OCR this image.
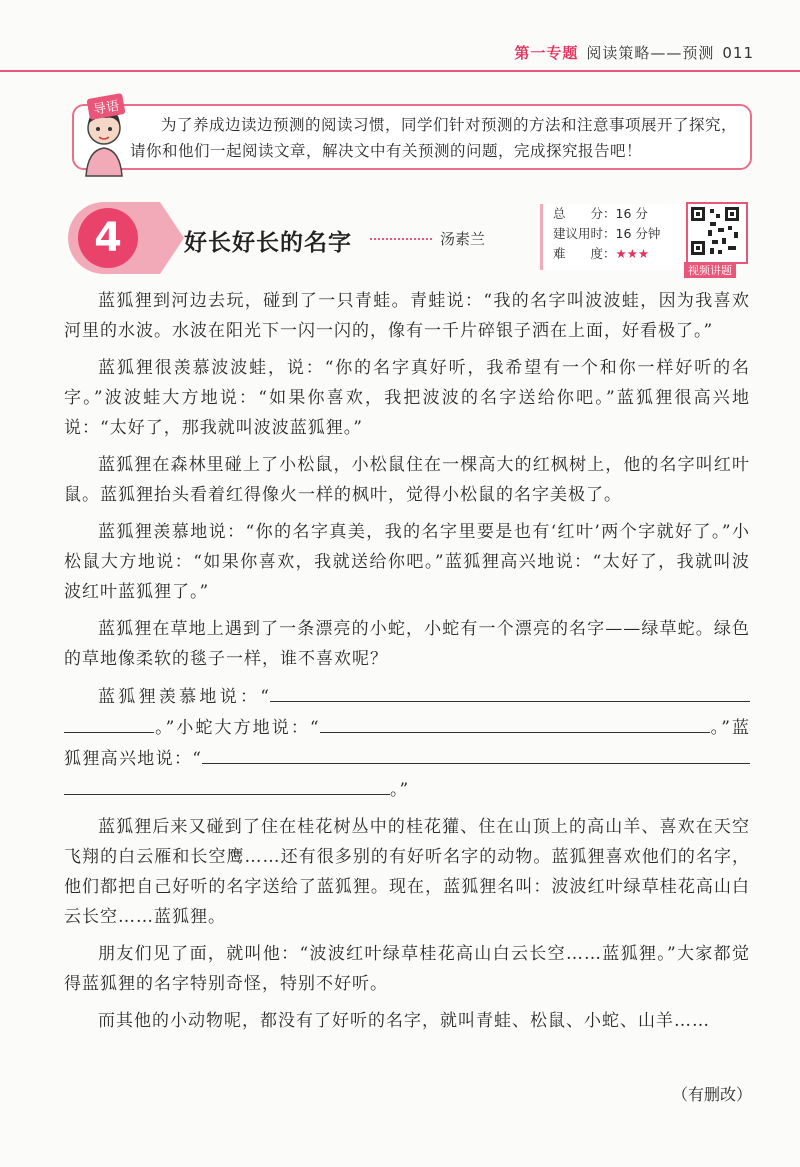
第一专题 阅读策略——预测 011
为了养成边读边预测的阅读习惯，同学们针对预测的方法和注意事项展开了探究，请你和他们一起阅读文章，解决文中有关预测的问题，完成探究报告吧！
导语
4	好长好长的名字	汤素兰
总　　分：16 分
建议用时：16 分钟
难　　度：★★★
视频讲题

蓝狐狸到河边去玩，碰到了一只青蛙。青蛙说：“我的名字叫波波蛙，因为我喜欢河里的水波。水波在阳光下一闪一闪的，像有一千片碎银子洒在上面，好看极了。”

蓝狐狸很羡慕波波蛙，说：“你的名字真好听，我希望有一个和你一样好听的名字。”波波蛙大方地说：“如果你喜欢，我把波波的名字送给你吧。”蓝狐狸很高兴地说：“太好了，那我就叫波波蓝狐狸。”

蓝狐狸在森林里碰上了小松鼠，小松鼠住在一棵高大的红枫树上，他的名字叫红叶鼠。蓝狐狸抬头看着红得像火一样的枫叶，觉得小松鼠的名字美极了。

蓝狐狸羡慕地说：“你的名字真美，我的名字里要是也有‘红叶’两个字就好了。”小松鼠大方地说：“如果你喜欢，我就送给你吧。”蓝狐狸高兴地说：“太好了，我就叫波波红叶蓝狐狸了。”

蓝狐狸在草地上遇到了一条漂亮的小蛇，小蛇有一个漂亮的名字——绿草蛇。绿色的草地像柔软的毯子一样，谁不喜欢呢？

蓝狐狸羡慕地说：“。”小蛇大方地说：“	。”蓝狐狸高兴地说：“。”

蓝狐狸后来又碰到了住在桂花树丛中的桂花獾、住在山顶上的高山羊、喜欢在天空飞翔的白云雁和长空鹰……还有很多别的有好听名字的动物。蓝狐狸喜欢他们的名字，他们都把自己好听的名字送给了蓝狐狸。现在，蓝狐狸名叫：波波红叶绿草桂花高山白云长空……蓝狐狸。

朋友们见了面，就叫他：“波波红叶绿草桂花高山白云长空……蓝狐狸。”大家都觉得蓝狐狸的名字特别奇怪，特别不好听。

而其他的小动物呢，都没有了好听的名字，就叫青蛙、松鼠、小蛇、山羊……

（有删改）
